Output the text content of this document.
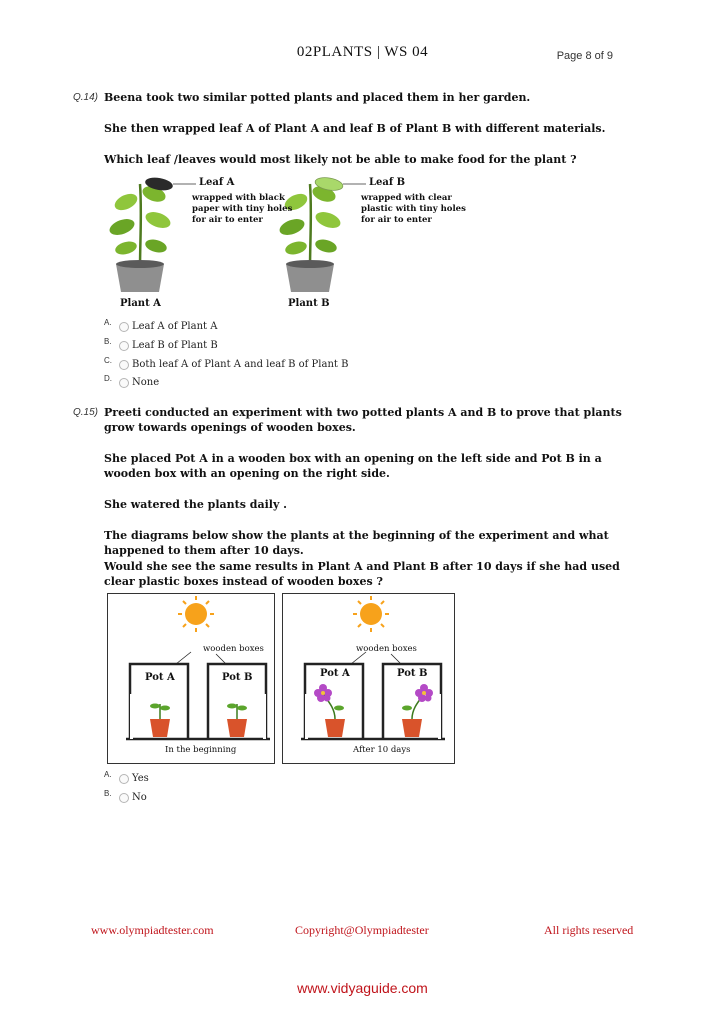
02PLANTS | WS 04	Page 8 of 9
Q.14) Beena took two similar potted plants and placed them in her garden.
She then wrapped leaf A of Plant A and leaf B of Plant B with different materials.
Which leaf /leaves would most likely not be able to make food for the plant ?
Leaf A
wrapped with black
paper with tiny holes
for air to enter
Leaf B
wrapped with clear
plastic with tiny holes
for air to enter
Plant A	Plant B
A. Leaf A of Plant A
B. Leaf B of Plant B
C. Both leaf A of Plant A and leaf B of Plant B
D. None
Q.15) Preeti conducted an experiment with two potted plants A and B to prove that plants
grow towards openings of wooden boxes.
She placed Pot A in a wooden box with an opening on the left side and Pot B in a
wooden box with an opening on the right side.
She watered the plants daily .
The diagrams below show the plants at the beginning of the experiment and what
happened to them after 10 days.
Would she see the same results in Plant A and Plant B after 10 days if she had used
clear plastic boxes instead of wooden boxes ?
wooden boxes
Pot A	Pot B
In the beginning
wooden boxes
Pot A	Pot B
After 10 days
A. Yes
B. No
www.olympiadtester.com	Copyright@Olympiadtester	All rights reserved
www.vidyaguide.com
